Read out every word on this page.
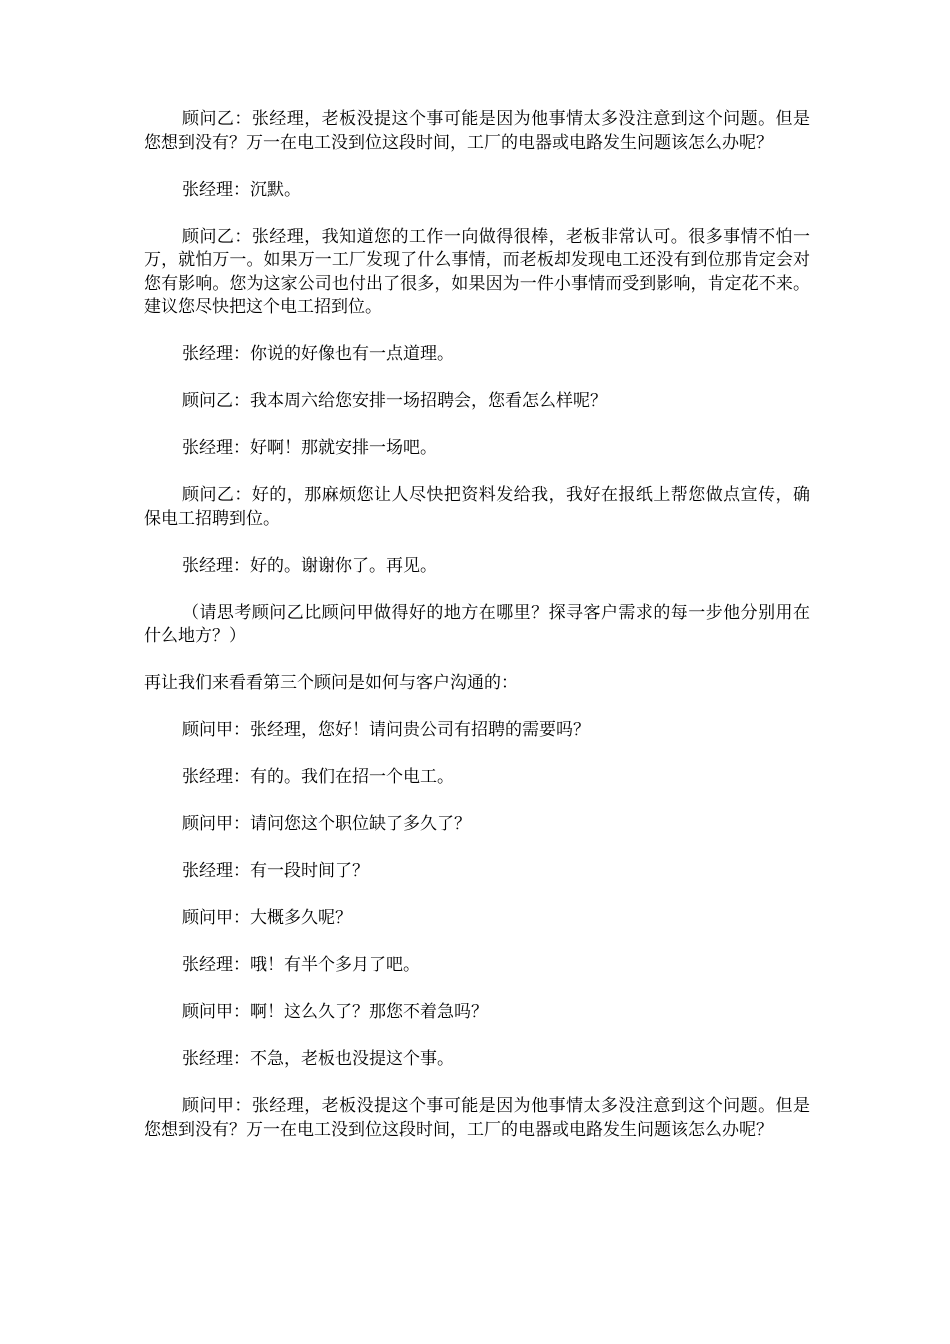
顾问乙：张经理，老板没提这个事可能是因为他事情太多没注意到这个问题。但是您想到没有？万一在电工没到位这段时间，工厂的电器或电路发生问题该怎么办呢？

张经理：沉默。

顾问乙：张经理，我知道您的工作一向做得很棒，老板非常认可。很多事情不怕一万，就怕万一。如果万一工厂发现了什么事情，而老板却发现电工还没有到位那肯定会对您有影响。您为这家公司也付出了很多，如果因为一件小事情而受到影响，肯定花不来。建议您尽快把这个电工招到位。

张经理：你说的好像也有一点道理。

顾问乙：我本周六给您安排一场招聘会，您看怎么样呢？

张经理：好啊！那就安排一场吧。

顾问乙：好的，那麻烦您让人尽快把资料发给我，我好在报纸上帮您做点宣传，确保电工招聘到位。

张经理：好的。谢谢你了。再见。

（请思考顾问乙比顾问甲做得好的地方在哪里？探寻客户需求的每一步他分别用在什么地方？）

再让我们来看看第三个顾问是如何与客户沟通的：

顾问甲：张经理，您好！请问贵公司有招聘的需要吗？

张经理：有的。我们在招一个电工。

顾问甲：请问您这个职位缺了多久了？

张经理：有一段时间了？

顾问甲：大概多久呢？

张经理：哦！有半个多月了吧。

顾问甲：啊！这么久了？那您不着急吗？

张经理：不急，老板也没提这个事。

顾问甲：张经理，老板没提这个事可能是因为他事情太多没注意到这个问题。但是您想到没有？万一在电工没到位这段时间，工厂的电器或电路发生问题该怎么办呢？
